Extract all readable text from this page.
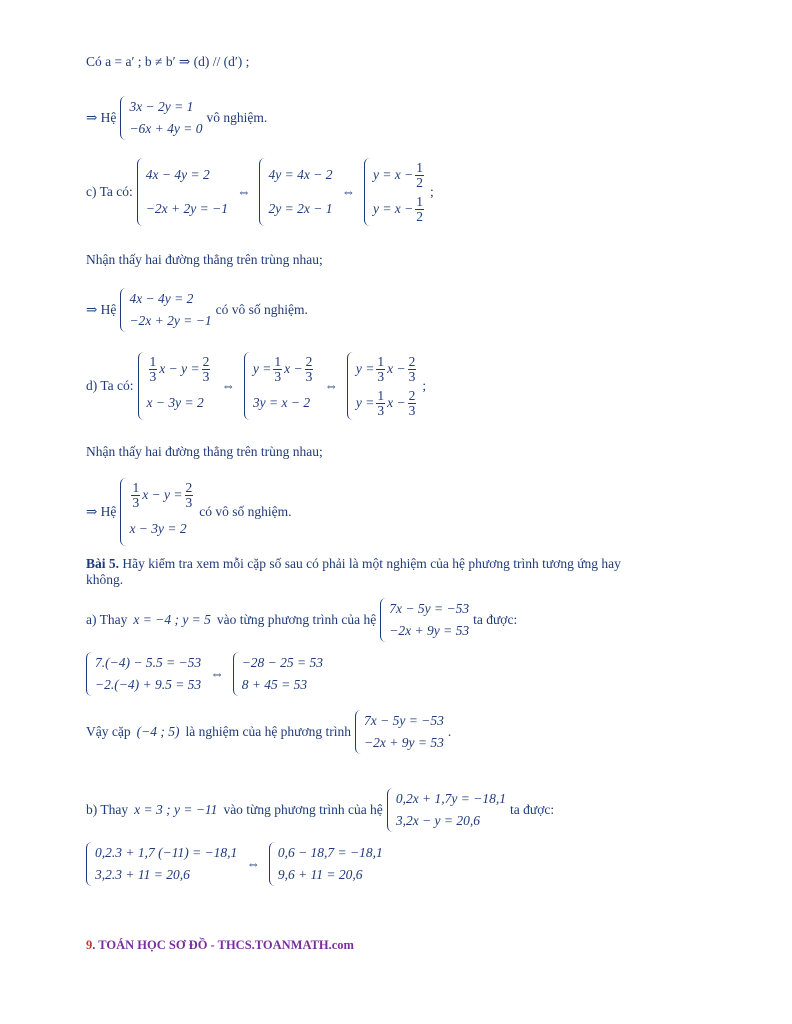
Có a = a′ ; b ≠ b′ ⇒ (d) // (d′) ;
⇒ Hệ
3x − 2y = 1
−6x + 4y = 0
vô nghiệm.
c) Ta có:
4x − 4y = 2
−2x + 2y = −1
⇔
4y = 4x − 2
2y = 2x − 1
⇔
$y = x - \frac{1}{2}$
$y = x - \frac{1}{2}$
;
Nhận thấy hai đường thẳng trên trùng nhau;
⇒ Hệ
4x − 4y = 2
−2x + 2y = −1
có vô số nghiệm.
d) Ta có:
$\frac{1}{3}$ $x - y = \frac{2}{3}$
x − 3y = 2
⇔
$y = \frac{1}{3}$ $x - \frac{2}{3}$
3y = x − 2
⇔
$y = \frac{1}{3}$ $x - \frac{2}{3}$
$y = \frac{1}{3}$ $x - \frac{2}{3}$
;
Nhận thấy hai đường thẳng trên trùng nhau;
⇒ Hệ
$\frac{1}{3}$ $x - y = \frac{2}{3}$
x − 3y = 2
có vô số nghiệm.
Bài 5. Hãy kiểm tra xem mỗi cặp số sau có phải là một nghiệm của hệ phương trình tương ứng hay
không.
a) Thay x = −4 ; y = 5 vào từng phương trình của hệ
7x − 5y = −53
−2x + 9y = 53
ta được:
7.(−4) − 5.5 = −53
−2.(−4) + 9.5 = 53
⇔
−28 − 25 = 53
8 + 45 = 53
Vậy cặp (−4 ; 5) là nghiệm của hệ phương trình
7x − 5y = −53
−2x + 9y = 53
.
b) Thay x = 3 ; y = −11 vào từng phương trình của hệ
0,2x + 1,7y = −18,1
3,2x − y = 20,6
ta được:
0,2.3 + 1,7 (−11) = −18,1
3,2.3 + 11 = 20,6
⇔
0,6 − 18,7 = −18,1
9,6 + 11 = 20,6
9. TOÁN HỌC SƠ ĐỒ - THCS.TOANMATH.com
